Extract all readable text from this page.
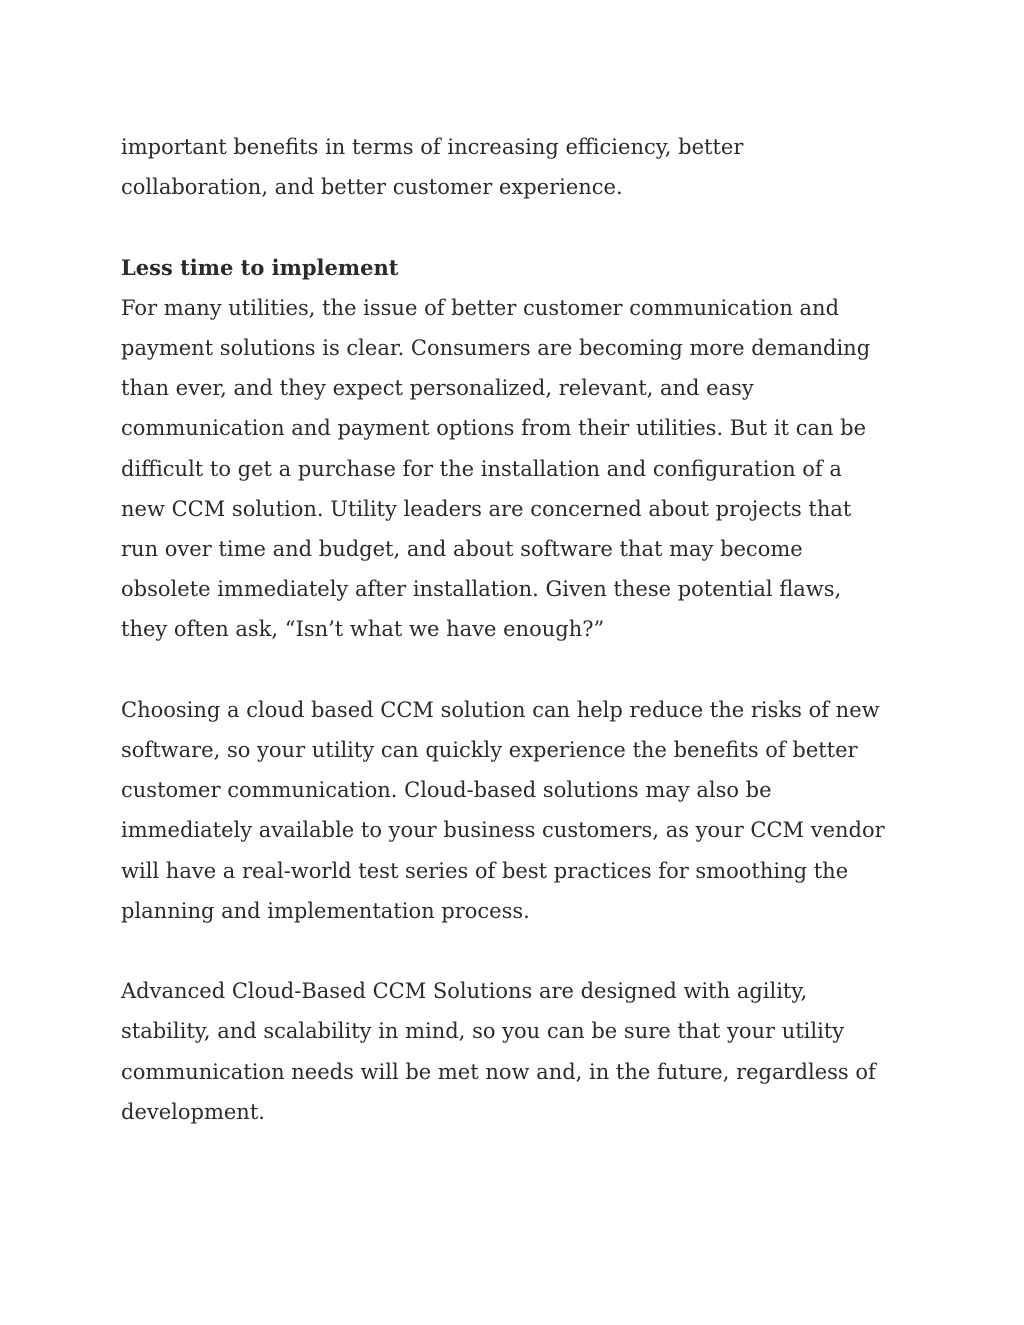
important benefits in terms of increasing efficiency, better
collaboration, and better customer experience.
Less time to implement
For many utilities, the issue of better customer communication and
payment solutions is clear. Consumers are becoming more demanding
than ever, and they expect personalized, relevant, and easy
communication and payment options from their utilities. But it can be
difficult to get a purchase for the installation and configuration of a
new CCM solution. Utility leaders are concerned about projects that
run over time and budget, and about software that may become
obsolete immediately after installation. Given these potential flaws,
they often ask, “Isn’t what we have enough?”
Choosing a cloud based CCM solution can help reduce the risks of new
software, so your utility can quickly experience the benefits of better
customer communication. Cloud-based solutions may also be
immediately available to your business customers, as your CCM vendor
will have a real-world test series of best practices for smoothing the
planning and implementation process.
Advanced Cloud-Based CCM Solutions are designed with agility,
stability, and scalability in mind, so you can be sure that your utility
communication needs will be met now and, in the future, regardless of
development.
